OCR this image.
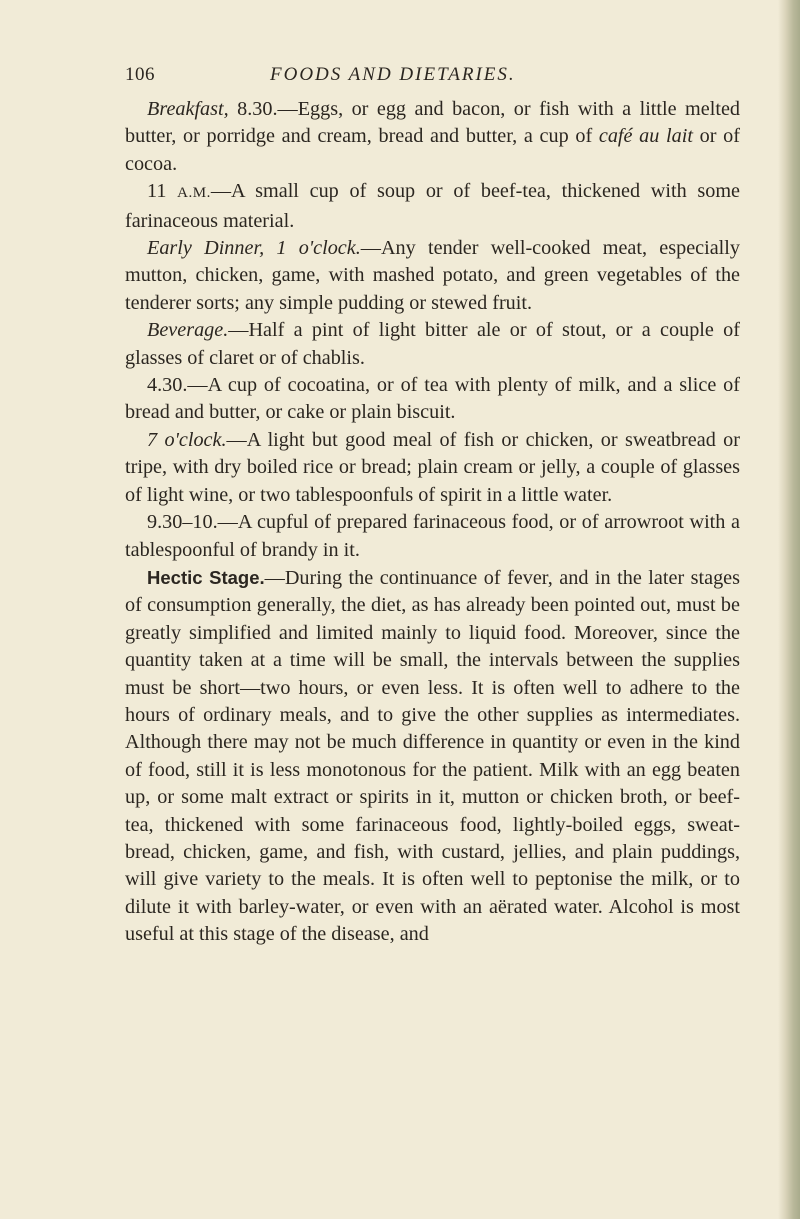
106	FOODS AND DIETARIES.

Breakfast, 8.30.—Eggs, or egg and bacon, or fish with a little melted butter, or porridge and cream, bread and butter, a cup of café au lait or of cocoa.

11 A.M.—A small cup of soup or of beef-tea, thickened with some farinaceous material.

Early Dinner, 1 o'clock.—Any tender well-cooked meat, especially mutton, chicken, game, with mashed potato, and green vegetables of the tenderer sorts; any simple pudding or stewed fruit.

Beverage.—Half a pint of light bitter ale or of stout, or a couple of glasses of claret or of chablis.

4.30.—A cup of cocoatina, or of tea with plenty of milk, and a slice of bread and butter, or cake or plain biscuit.

7 o'clock.—A light but good meal of fish or chicken, or sweatbread or tripe, with dry boiled rice or bread; plain cream or jelly, a couple of glasses of light wine, or two tablespoonfuls of spirit in a little water.

9.30–10.—A cupful of prepared farinaceous food, or of arrowroot with a tablespoonful of brandy in it.

Hectic Stage.—During the continuance of fever, and in the later stages of consumption generally, the diet, as has already been pointed out, must be greatly simplified and limited mainly to liquid food. Moreover, since the quantity taken at a time will be small, the intervals between the supplies must be short—two hours, or even less. It is often well to adhere to the hours of ordinary meals, and to give the other supplies as intermediates. Although there may not be much difference in quantity or even in the kind of food, still it is less monotonous for the patient. Milk with an egg beaten up, or some malt extract or spirits in it, mutton or chicken broth, or beef-tea, thickened with some farinaceous food, lightly-boiled eggs, sweat-bread, chicken, game, and fish, with custard, jellies, and plain puddings, will give variety to the meals. It is often well to peptonise the milk, or to dilute it with barley-water, or even with an aërated water. Alcohol is most useful at this stage of the disease, and
